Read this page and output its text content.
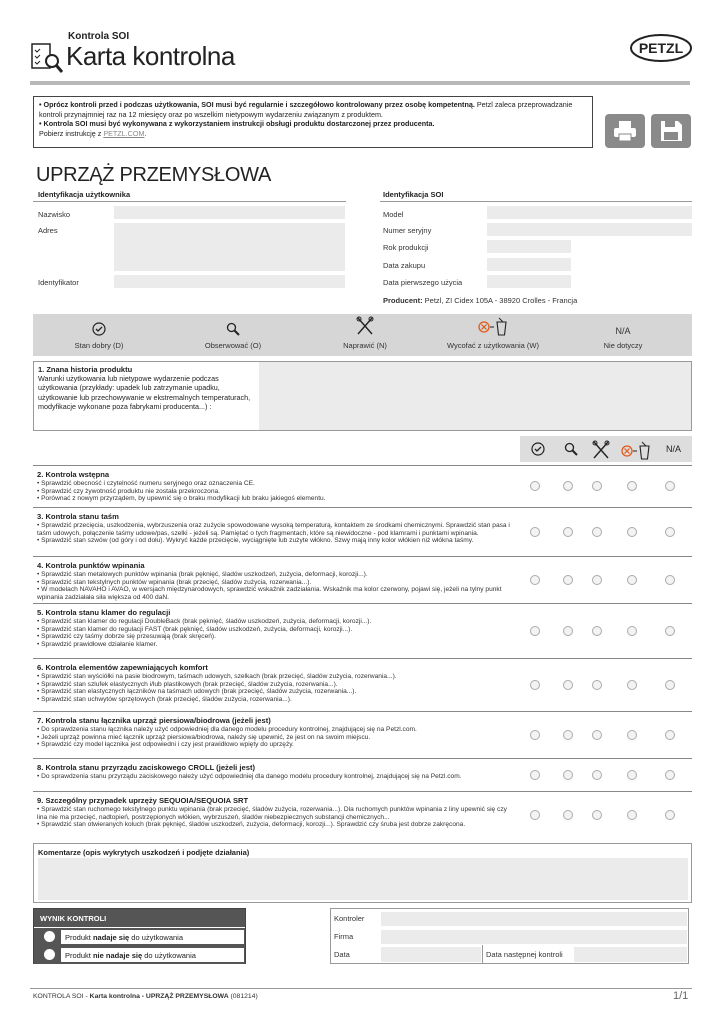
Kontrola SOI
Karta kontrolna	PETZL
• Oprócz kontroli przed i podczas użytkowania, SOI musi być regularnie i szczegółowo kontrolowany przez osobę kompetentną. Petzl zaleca przeprowadzanie kontroli przynajmniej raz na 12 miesięcy oraz po wszelkim nietypowym wydarzeniu związanym z produktem.
• Kontrola SOI musi być wykonywana z wykorzystaniem instrukcji obsługi produktu dostarczonej przez producenta.
Pobierz instrukcję z PETZL.COM.
UPRZĄŻ PRZEMYSŁOWA
Identyfikacja użytkownika
Nazwisko
Adres
Identyfikator
Identyfikacja SOI
Model
Numer seryjny
Rok produkcji
Data zakupu
Data pierwszego użycia
Producent: Petzl, ZI Cidex 105A - 38920 Crolles - Francja
Stan dobry (D)	Obserwować (O)	Naprawić (N)	Wycofać z użytkowania (W)
N/A
Nie dotyczy
1. Znana historia produktu
Warunki użytkowania lub nietypowe wydarzenie podczas użytkowania (przykłady: upadek lub zatrzymanie upadku, użytkowanie lub przechowywanie w ekstremalnych temperaturach, modyfikacje wykonane poza fabrykami producenta...) :
N/A
2. Kontrola wstępna
• Sprawdzić obecność i czytelność numeru seryjnego oraz oznaczenia CE.
• Sprawdzić czy żywotność produktu nie została przekroczona.
• Porównać z nowym przyrządem, by upewnić się o braku modyfikacji lub braku jakiegoś elementu.
3. Kontrola stanu taśm
• Sprawdzić przecięcia, uszkodzenia, wybrzuszenia oraz zużycie spowodowane wysoką temperaturą, kontaktem ze środkami chemicznymi. Sprawdzić stan pasa i taśm udowych, połączenie taśmy udowe/pas, szelki - jeżeli są. Pamiętać o tych fragmentach, które są niewidoczne - pod klamrami i punktami wpinania.
• Sprawdzić stan szwów (od góry i od dołu). Wykryć każde przecięcie, wyciągnięte lub zużyte włókno. Szwy mają inny kolor włókien niż włókna taśmy.
4. Kontrola punktów wpinania
• Sprawdzić stan metalowych punktów wpinania (brak pęknięć, śladów uszkodzeń, zużycia, deformacji, korozji...).
• Sprawdzić stan tekstylnych punktów wpinania (brak przecięć, śladów zużycia, rozerwania...).
• W modelach NAVAHO i AVAO, w wersjach międzynarodowych, sprawdzić wskaźnik zadziałania. Wskaźnik ma kolor czerwony, pojawi się, jeżeli na tylny punkt wpinania zadziałała siła większa od 400 daN.
5. Kontrola stanu klamer do regulacji
• Sprawdzić stan klamer do regulacji DoubleBack (brak pęknięć, śladów uszkodzeń, zużycia, deformacji, korozji...).
• Sprawdzić stan klamer do regulacji FAST (brak pęknięć, śladów uszkodzeń, zużycia, deformacji, korozji...).
• Sprawdzić czy taśmy dobrze się przesuwają (brak skręceń).
• Sprawdzić prawidłowe działanie klamer.
6. Kontrola elementów zapewniających komfort
• Sprawdzić stan wyściółki na pasie biodrowym, taśmach udowych, szelkach (brak przecięć, śladów zużycia, rozerwania...).
• Sprawdzić stan szlufek elastycznych i/lub plastikowych (brak przecięć, śladów zużycia, rozerwania...).
• Sprawdzić stan elastycznych łączników na taśmach udowych (brak przecięć, śladów zużycia, rozerwania...).
• Sprawdzić stan uchwytów sprzętowych (brak przecięć, śladów zużycia, rozerwania...).
7. Kontrola stanu łącznika uprząż piersiowa/biodrowa (jeżeli jest)
• Do sprawdzenia stanu łącznika należy użyć odpowiedniej dla danego modelu procedury kontrolnej, znajdującej się na Petzl.com.
• Jeżeli uprząż powinna mieć łącznik uprząż piersiowa/biodrowa, należy się upewnić, że jest on na swoim miejscu.
• Sprawdzić czy model łącznika jest odpowiedni i czy jest prawidłowo wpięty do uprzęży.
8. Kontrola stanu przyrządu zaciskowego CROLL (jeżeli jest)
• Do sprawdzenia stanu przyrządu zaciskowego należy użyć odpowiedniej dla danego modelu procedury kontrolnej, znajdującej się na Petzl.com.
9. Szczególny przypadek uprzęży SEQUOIA/SEQUOIA SRT
• Sprawdzić stan ruchomego tekstylnego punktu wpinania (brak przecięć, śladów zużycia, rozerwania...). Dla ruchomych punktów wpinania z liny upewnić się czy lina nie ma przecięć, nadtopień, postrzępionych włókien, wybrzuszeń, śladów niebezpiecznych substancji chemicznych...
• Sprawdzić stan otwieranych koluch (brak pęknięć, śladów uszkodzeń, zużycia, deformacji, korozji...). Sprawdzić czy śruba jest dobrze zakręcona.
Komentarze (opis wykrytych uszkodzeń i podjęte działania)
WYNIK KONTROLI
Produkt nadaje się do użytkowania
Produkt nie nadaje się do użytkowania
Kontroler
Firma
Data	Data następnej kontroli
KONTROLA SOI - Karta kontrolna - UPRZĄŻ PRZEMYSŁOWA (081214)	1/1
